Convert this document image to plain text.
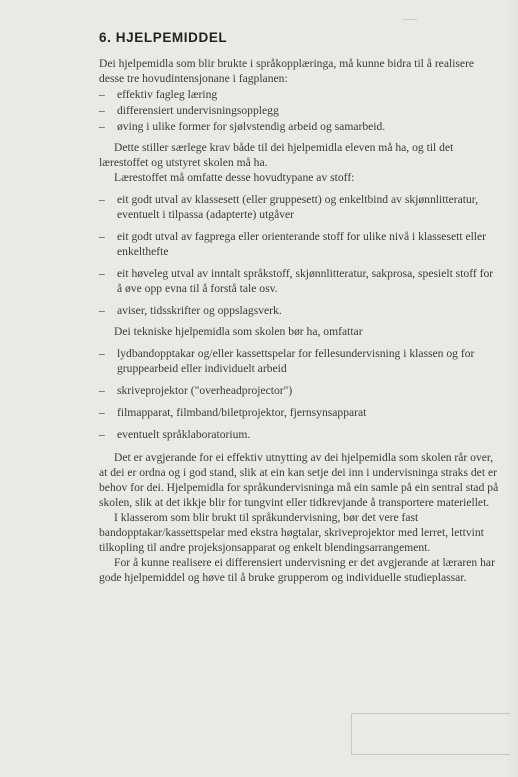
6. HJELPEMIDDEL

Dei hjelpemidla som blir brukte i språkopplæringa, må kunne bidra til å realisere desse tre hovudintensjonane i fagplanen:

– effektiv fagleg læring
– differensiert undervisningsopplegg
– øving i ulike former for sjølvstendig arbeid og samarbeid.

Dette stiller særlege krav både til dei hjelpemidla eleven må ha, og til det lærestoffet og utstyret skolen må ha.

Lærestoffet må omfatte desse hovudtypane av stoff:

– eit godt utval av klassesett (eller gruppesett) og enkeltbind av skjønnlitteratur, eventuelt i tilpassa (adapterte) utgåver
– eit godt utval av fagprega eller orienterande stoff for ulike nivå i klassesett eller enkelthefte
– eit høveleg utval av inntalt språkstoff, skjønnlitteratur, sakprosa, spesielt stoff for å øve opp evna til å forstå tale osv.
– aviser, tidsskrifter og oppslagsverk.

Dei tekniske hjelpemidla som skolen bør ha, omfattar

– lydbandopptakar og/eller kassettspelar for fellesundervisning i klassen og for gruppearbeid eller individuelt arbeid
– skriveprojektor ("overheadprojector")
– filmapparat, filmband/biletprojektor, fjernsynsapparat
– eventuelt språklaboratorium.

Det er avgjerande for ei effektiv utnytting av dei hjelpemidla som skolen rår over, at dei er ordna og i god stand, slik at ein kan setje dei inn i undervisninga straks det er behov for dei. Hjelpemidla for språkundervisninga må ein samle på ein sentral stad på skolen, slik at det ikkje blir for tungvint eller tidkrevjande å transportere materiellet.

I klasserom som blir brukt til språkundervisning, bør det vere fast bandopptakar/kassettspelar med ekstra høgtalar, skriveprojektor med lerret, lettvint tilkopling til andre projeksjonsapparat og enkelt blendingsarrangement.

For å kunne realisere ei differensiert undervisning er det avgjerande at læraren har gode hjelpemiddel og høve til å bruke grupperom og individuelle studieplassar.
